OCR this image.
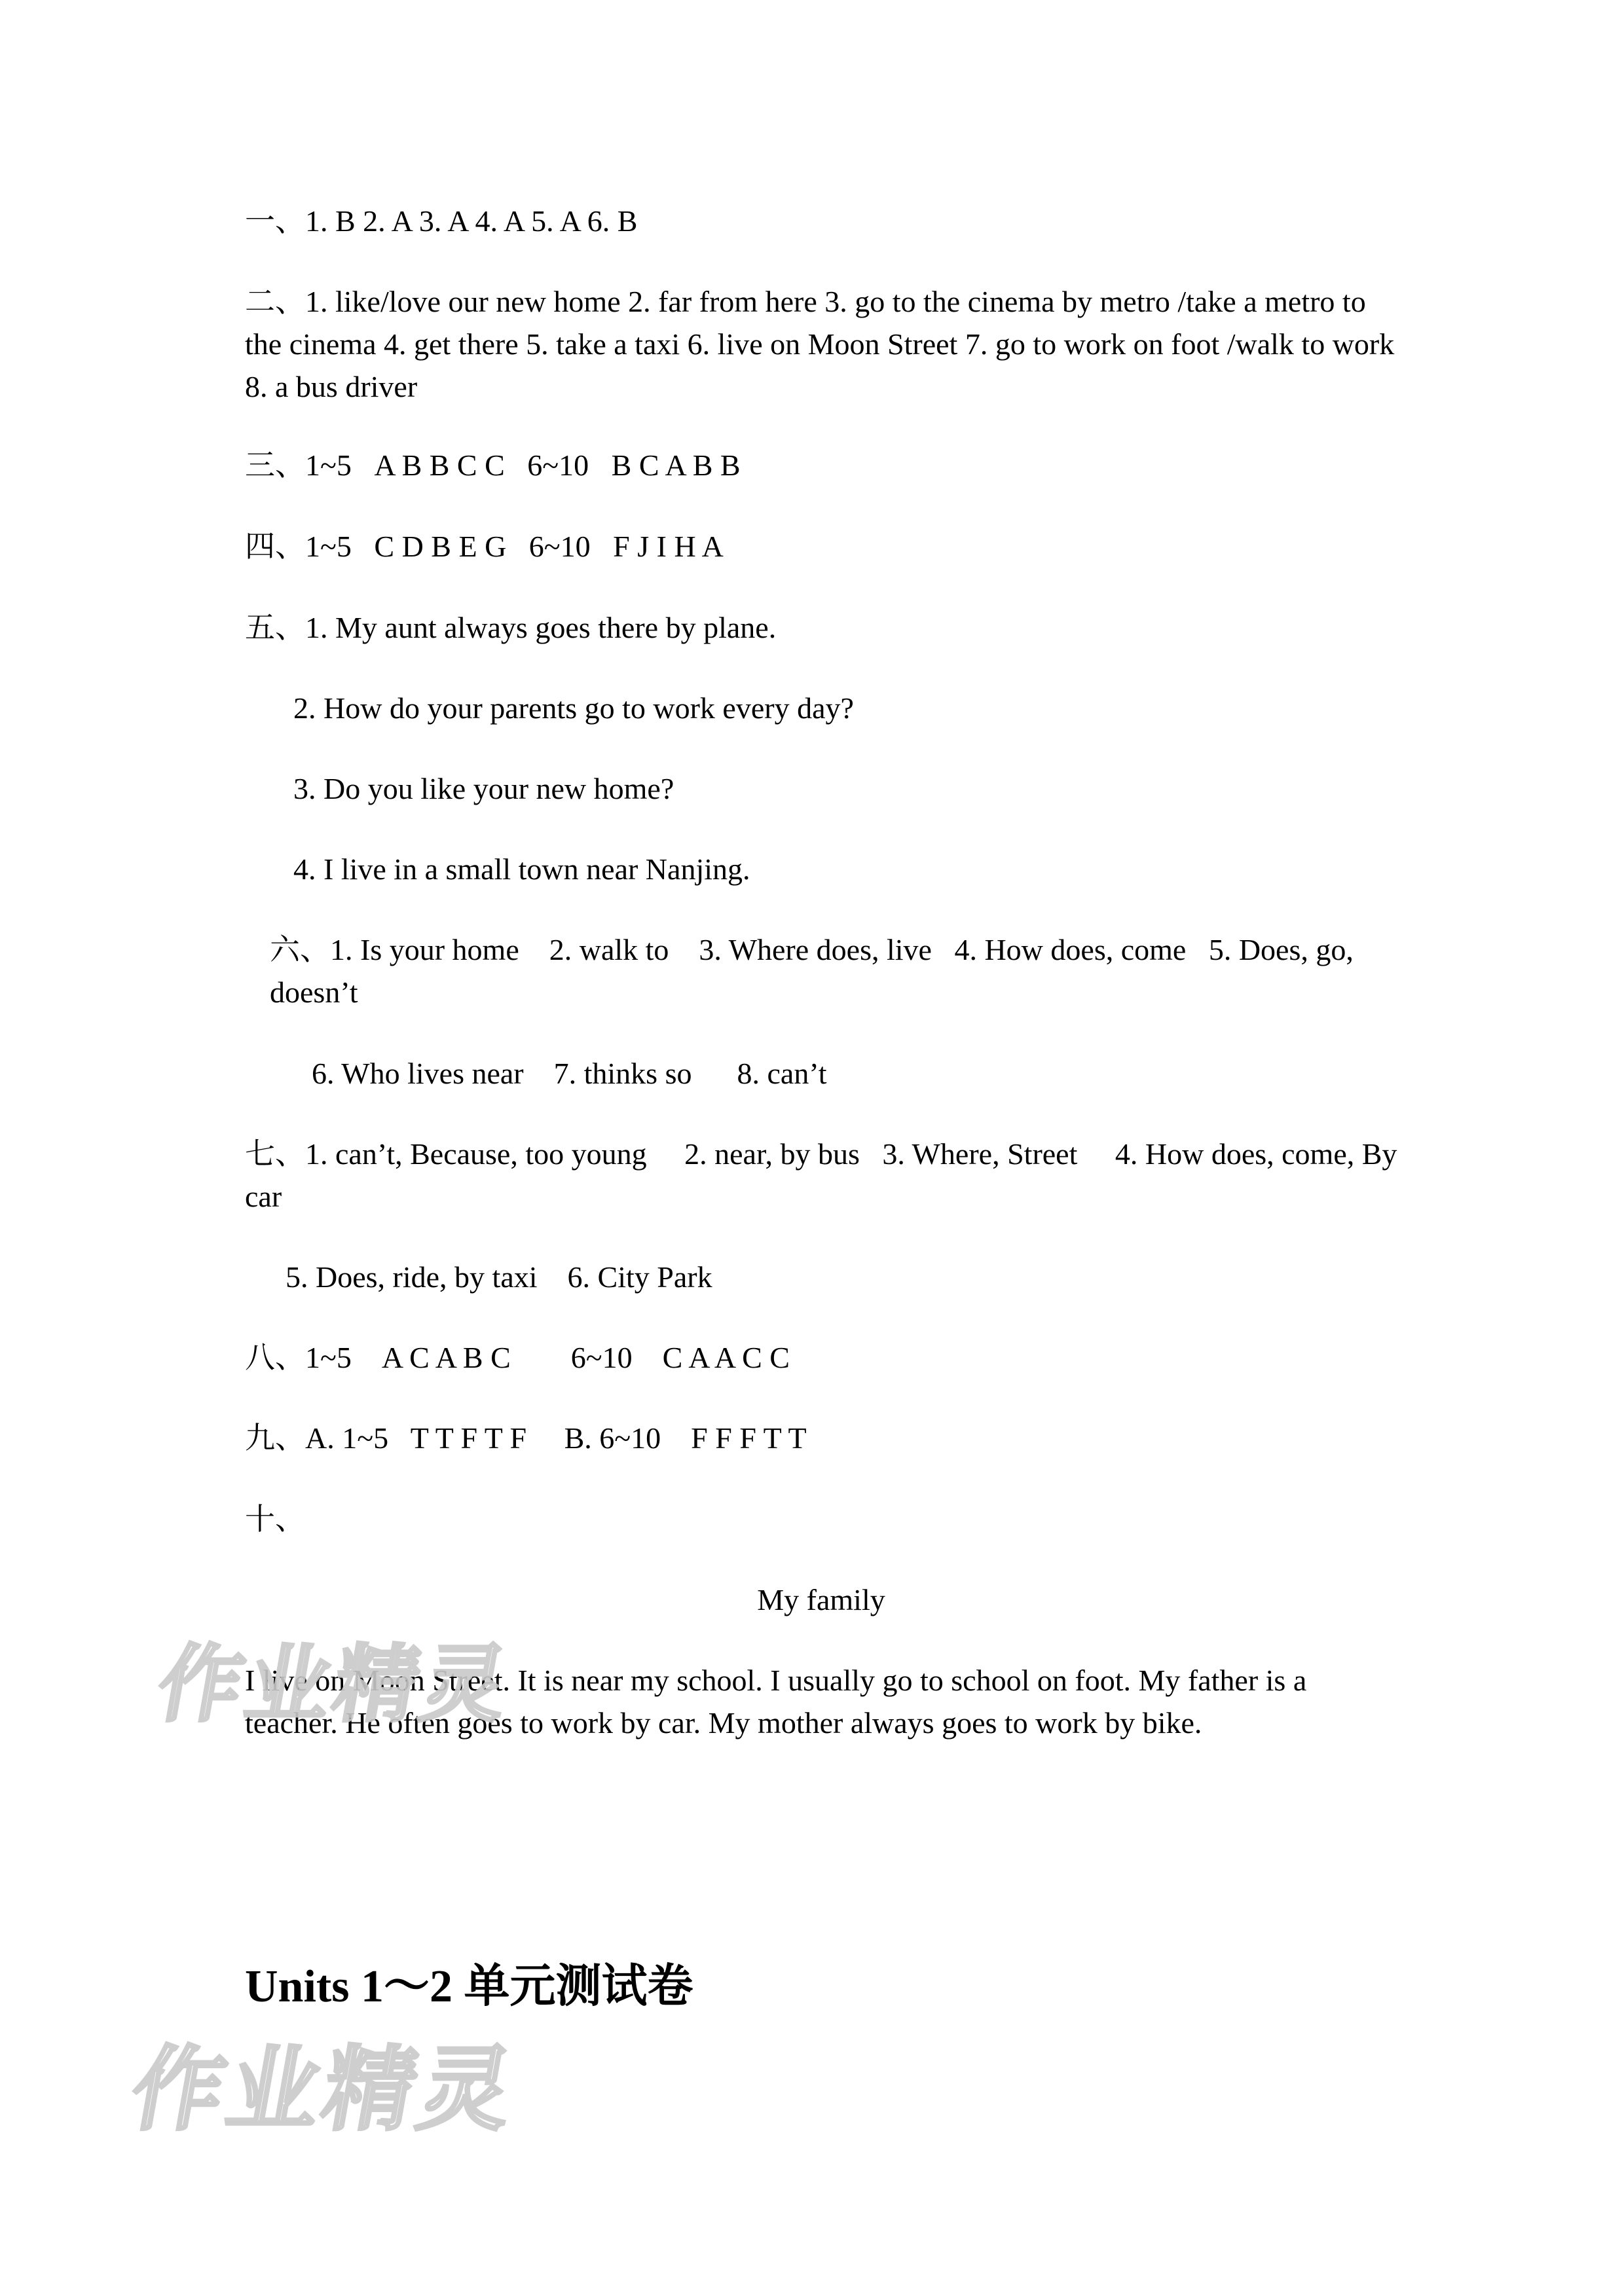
一、1. B 2. A 3. A 4. A 5. A 6. B
二、1. like/love our new home 2. far from here 3. go to the cinema by metro /take a metro to the cinema 4. get there 5. take a taxi 6. live on Moon Street 7. go to work on foot /walk to work 8. a bus driver
三、1~5   A B B C C   6~10   B C A B B
四、1~5   C D B E G   6~10   F J I H A
五、1. My aunt always goes there by plane.
2. How do your parents go to work every day?
3. Do you like your new home?
4. I live in a small town near Nanjing.
六、1. Is your home    2. walk to    3. Where does, live   4. How does, come   5. Does, go, doesn’t
6. Who lives near    7. thinks so      8. can’t
七、1. can’t, Because, too young     2. near, by bus   3. Where, Street     4. How does, come, By car
5. Does, ride, by taxi    6. City Park
八、1~5    A C A B C        6~10    C A A C C
九、A. 1~5   T T F T F     B. 6~10    F F F T T
十、
My family
I live on Moon Street. It is near my school. I usually go to school on foot. My father is a teacher. He often goes to work by car. My mother always goes to work by bike.
Units 1～2 单元测试卷
作业精灵
作业精灵
